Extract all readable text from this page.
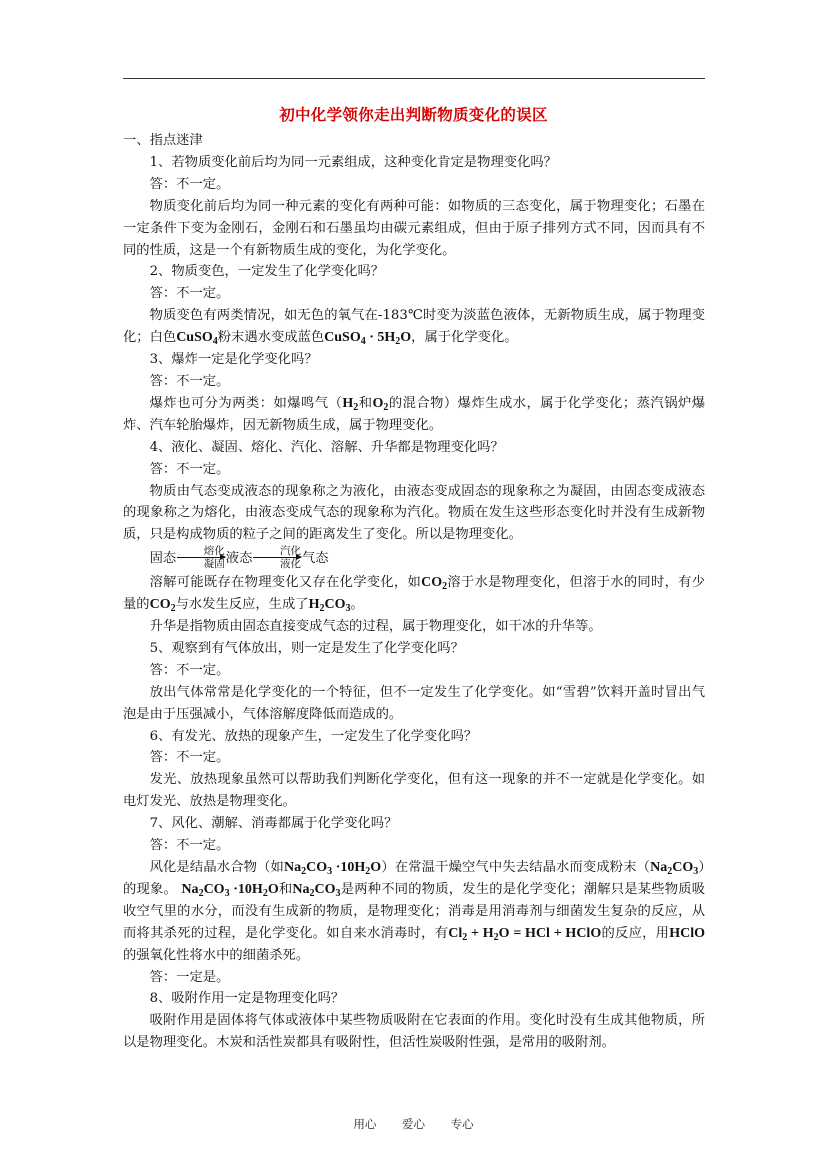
初中化学领你走出判断物质变化的误区

一、指点迷津

1、若物质变化前后均为同一元素组成，这种变化肯定是物理变化吗？

答：不一定。

物质变化前后均为同一种元素的变化有两种可能：如物质的三态变化，属于物理变化；石墨在一定条件下变为金刚石，金刚石和石墨虽均由碳元素组成，但由于原子排列方式不同，因而具有不同的性质，这是一个有新物质生成的变化，为化学变化。

2、物质变色，一定发生了化学变化吗？

答：不一定。

物质变色有两类情况，如无色的氧气在-183℃时变为淡蓝色液体，无新物质生成，属于物理变化；白色CuSO$_4$粉末遇水变成蓝色CuSO$_4$ · $5H_2O$，属于化学变化。

3、爆炸一定是化学变化吗？

答：不一定。

爆炸也可分为两类：如爆鸣气（$H_2$和$O_2$的混合物）爆炸生成水，属于化学变化；蒸汽锅炉爆炸、汽车轮胎爆炸，因无新物质生成，属于物理变化。

4、液化、凝固、熔化、汽化、溶解、升华都是物理变化吗？

答：不一定。

物质由气态变成液态的现象称之为液化，由液态变成固态的现象称之为凝固，由固态变成液态的现象称之为熔化，由液态变成气态的现象称为汽化。物质在发生这些形态变化时并没有生成新物质，只是构成物质的粒子之间的距离发生了变化。所以是物理变化。

固态	熔化
凝固 液态	汽化
液化 气态

溶解可能既存在物理变化又存在化学变化，如$CO_2$溶于水是物理变化，但溶于水的同时，有少量的$CO_2$与水发生反应，生成了$H_2CO_3$。

升华是指物质由固态直接变成气态的过程，属于物理变化，如干冰的升华等。

5、观察到有气体放出，则一定是发生了化学变化吗？

答：不一定。

放出气体常常是化学变化的一个特征，但不一定发生了化学变化。如“雪碧”饮料开盖时冒出气泡是由于压强减小，气体溶解度降低而造成的。

6、有发光、放热的现象产生，一定发生了化学变化吗？

答：不一定。

发光、放热现象虽然可以帮助我们判断化学变化，但有这一现象的并不一定就是化学变化。如电灯发光、放热是物理变化。

7、风化、潮解、消毒都属于化学变化吗？

答：不一定。

风化是结晶水合物（如$Na_2CO_3 \cdot 10H_2O$）在常温干燥空气中失去结晶水而变成粉末$(Na_2CO_3)$的现象。 $Na_2CO_3 \cdot 10H_2O$和$Na_2CO_3$是两种不同的物质，发生的是化学变化；潮解只是某些物质吸收空气里的水分，而没有生成新的物质，是物理变化；消毒是用消毒剂与细菌发生复杂的反应，从而将其杀死的过程，是化学变化。如自来水消毒时，有$Cl_2 + H_2O$ = HCl + HClO的反应，用HClO的强氧化性将水中的细菌杀死。

答：一定是。

8、吸附作用一定是物理变化吗？

吸附作用是固体将气体或液体中某些物质吸附在它表面的作用。变化时没有生成其他物质，所以是物理变化。木炭和活性炭都具有吸附性，但活性炭吸附性强，是常用的吸附剂。

用心 爱心 专心
